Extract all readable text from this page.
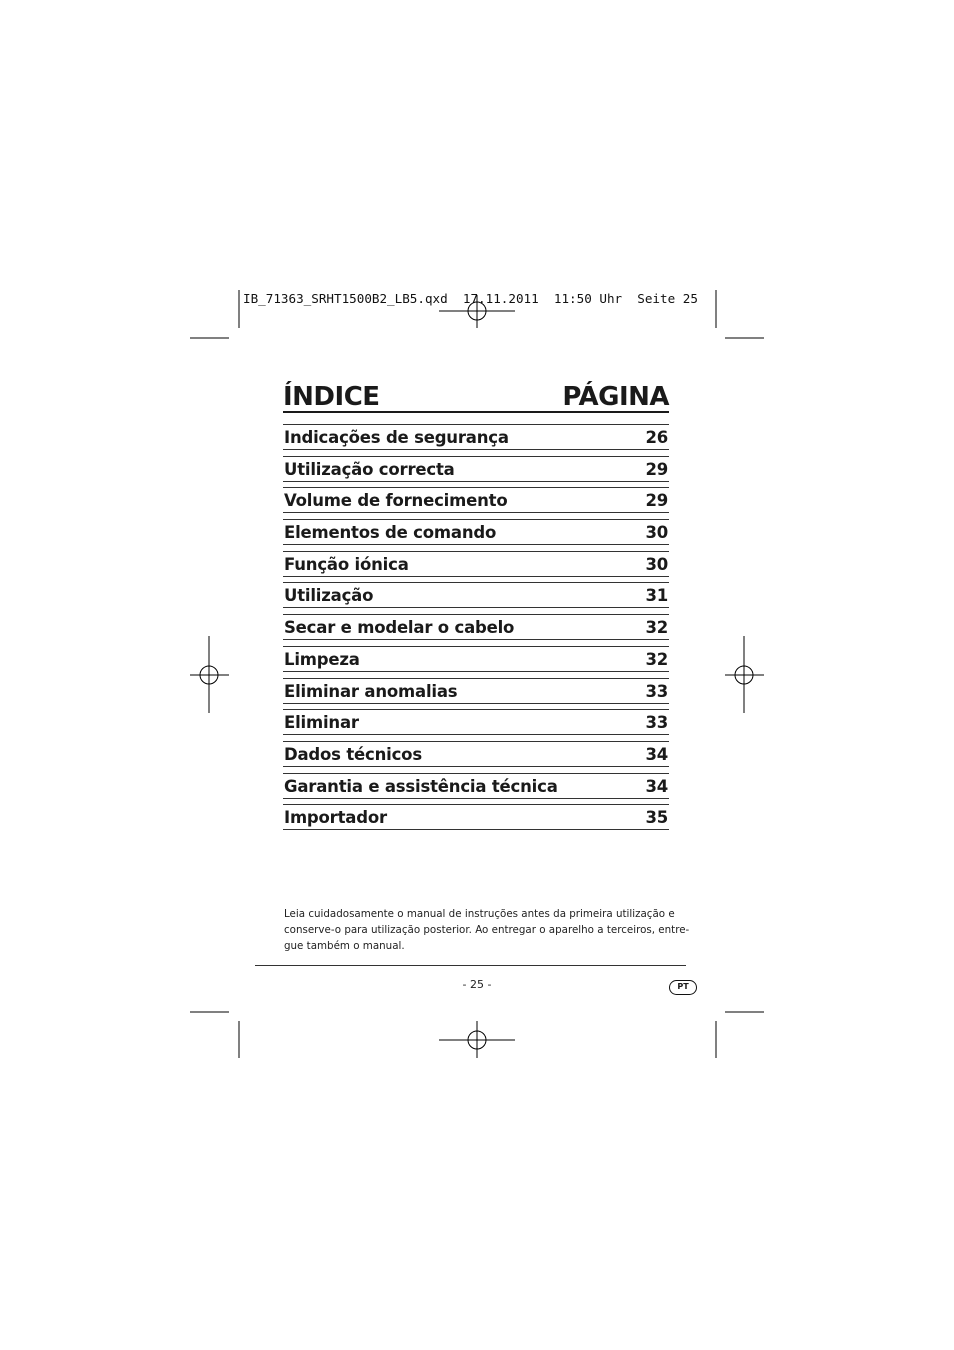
IB_71363_SRHT1500B2_LB5.qxd  17.11.2011  11:50 Uhr  Seite 25
ÍNDICE	PÁGINA
Indicações de segurança	26
Utilização correcta	29
Volume de fornecimento	29
Elementos de comando	30
Função iónica	30
Utilização	31
Secar e modelar o cabelo	32
Limpeza	32
Eliminar anomalias	33
Eliminar	33
Dados técnicos	34
Garantia e assistência técnica	34
Importador	35
Leia cuidadosamente o manual de instruções antes da primeira utilização e
conserve-o para utilização posterior. Ao entregar o aparelho a terceiros, entre-
gue também o manual.
- 25 -	PT
